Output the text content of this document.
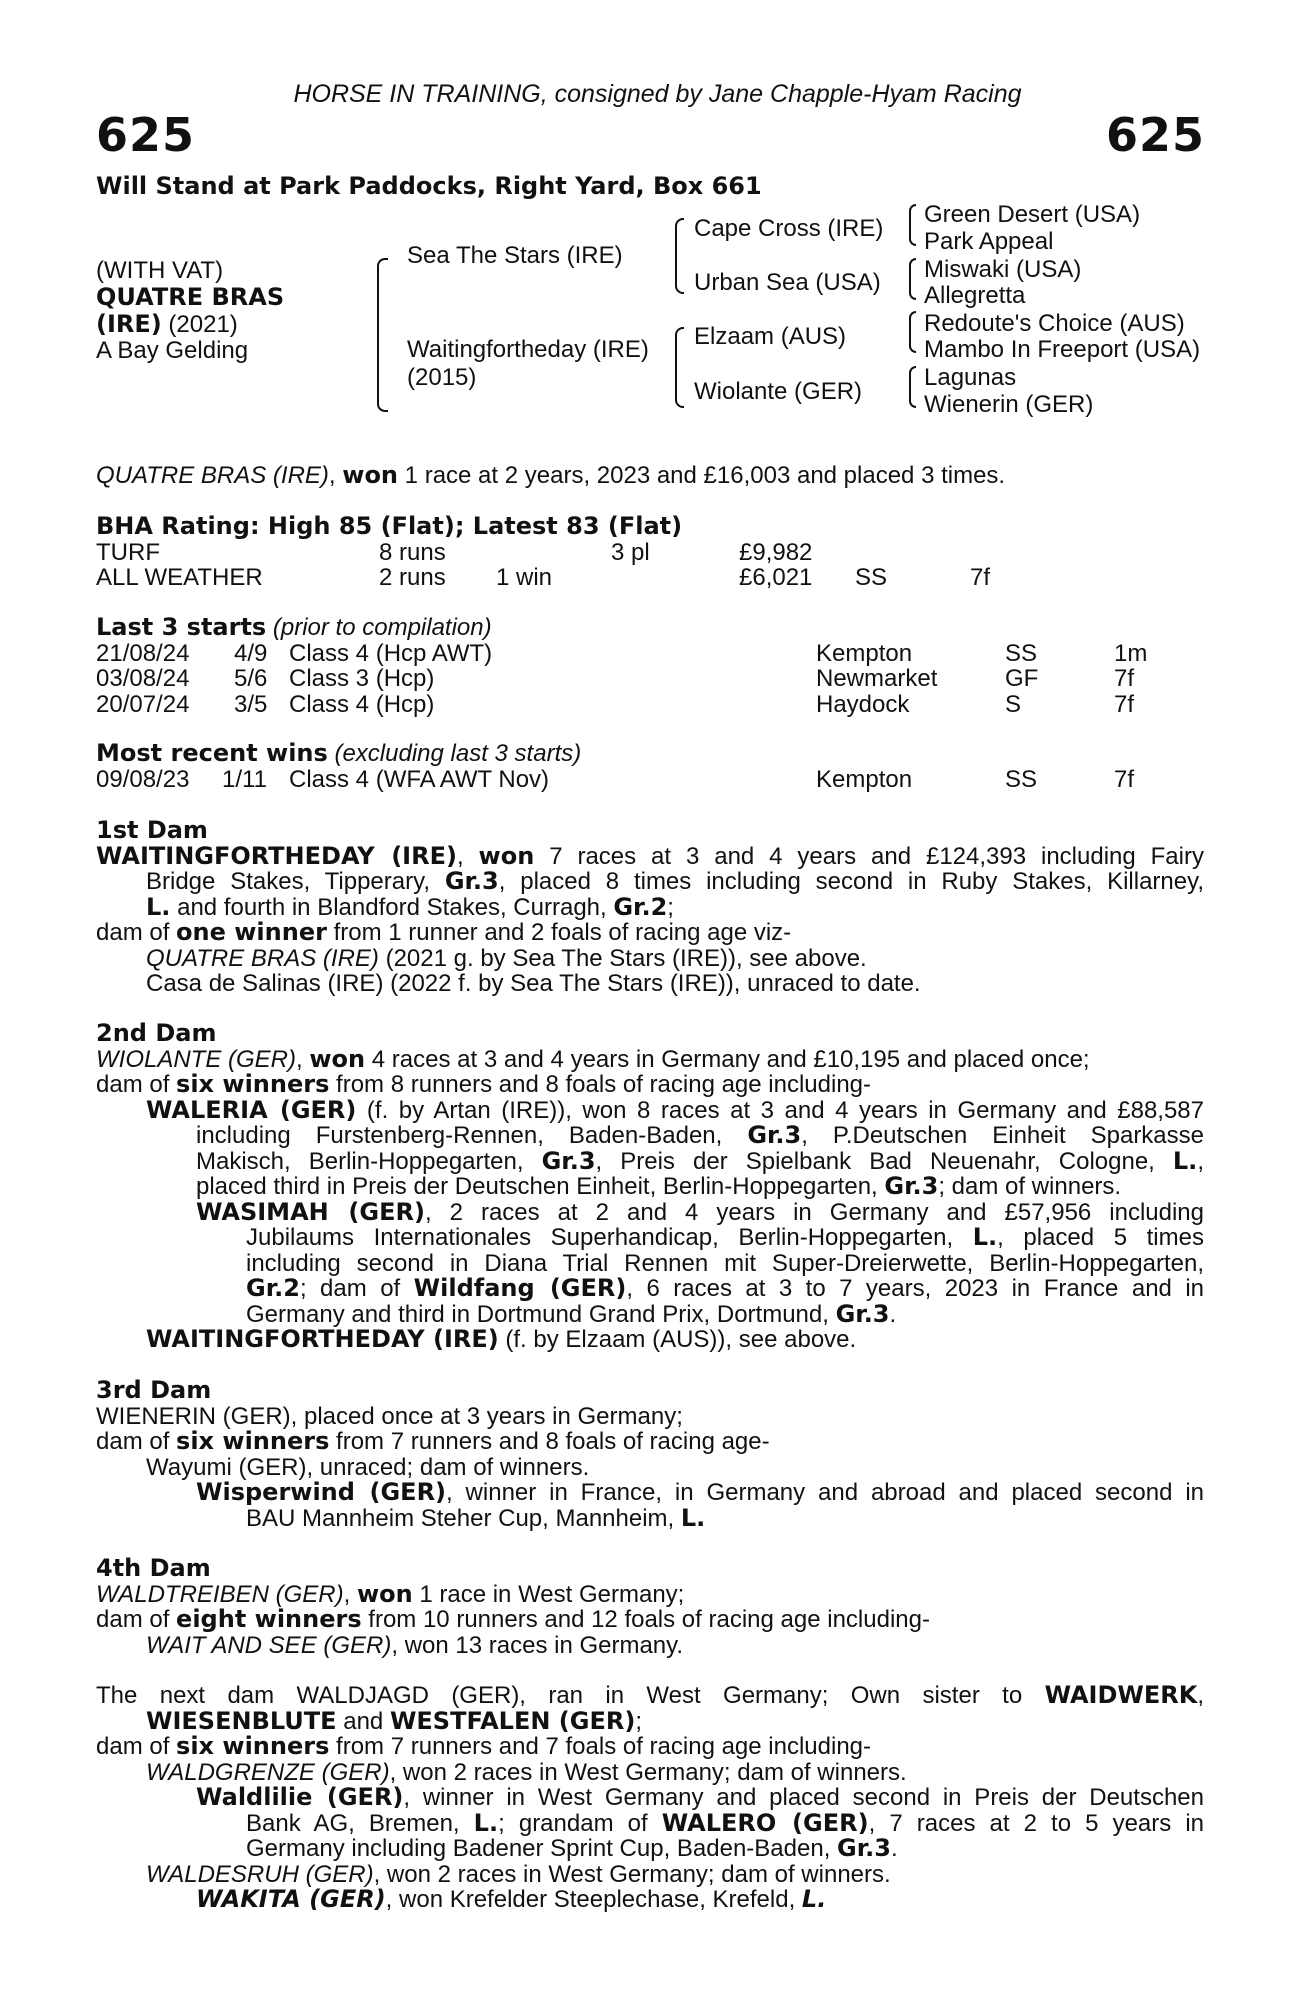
HORSE IN TRAINING, consigned by Jane Chapple-Hyam Racing
625	625
Will Stand at Park Paddocks, Right Yard, Box 661
(WITH VAT)
QUATRE BRAS
(IRE) (2021)
A Bay Gelding
Sea The Stars (IRE)
Waitingfortheday (IRE)
(2015)
Cape Cross (IRE)
Urban Sea (USA)
Elzaam (AUS)
Wiolante (GER)
Green Desert (USA)
Park Appeal
Miswaki (USA)
Allegretta
Redoute's Choice (AUS)
Mambo In Freeport (USA)
Lagunas
Wienerin (GER)
QUATRE BRAS (IRE), won 1 race at 2 years, 2023 and £16,003 and placed 3 times.
BHA Rating: High 85 (Flat); Latest 83 (Flat)
TURF	8 runs	3 pl	£9,982
ALL WEATHER	2 runs 1 win	£6,021 SS	7f
Last 3 starts (prior to compilation)
21/08/24 4/9 Class 4 (Hcp AWT)	Kempton	SS	1m
03/08/24 5/6 Class 3 (Hcp)	Newmarket	GF	7f
20/07/24 3/5 Class 4 (Hcp)	Haydock	S	7f
Most recent wins (excluding last 3 starts)
09/08/23 1/11 Class 4 (WFA AWT Nov)	Kempton	SS	7f
1st Dam
WAITINGFORTHEDAY (IRE), won 7 races at 3 and 4 years and £124,393 including Fairy
Bridge Stakes, Tipperary, Gr.3, placed 8 times including second in Ruby Stakes, Killarney,
L. and fourth in Blandford Stakes, Curragh, Gr.2;
dam of one winner from 1 runner and 2 foals of racing age viz-
QUATRE BRAS (IRE) (2021 g. by Sea The Stars (IRE)), see above.
Casa de Salinas (IRE) (2022 f. by Sea The Stars (IRE)), unraced to date.
2nd Dam
WIOLANTE (GER), won 4 races at 3 and 4 years in Germany and £10,195 and placed once;
dam of six winners from 8 runners and 8 foals of racing age including-
WALERIA (GER) (f. by Artan (IRE)), won 8 races at 3 and 4 years in Germany and £88,587
including Furstenberg-Rennen, Baden-Baden, Gr.3, P.Deutschen Einheit Sparkasse
Makisch, Berlin-Hoppegarten, Gr.3, Preis der Spielbank Bad Neuenahr, Cologne, L.,
placed third in Preis der Deutschen Einheit, Berlin-Hoppegarten, Gr.3; dam of winners.
WASIMAH (GER), 2 races at 2 and 4 years in Germany and £57,956 including
Jubilaums Internationales Superhandicap, Berlin-Hoppegarten, L., placed 5 times
including second in Diana Trial Rennen mit Super-Dreierwette, Berlin-Hoppegarten,
Gr.2; dam of Wildfang (GER), 6 races at 3 to 7 years, 2023 in France and in
Germany and third in Dortmund Grand Prix, Dortmund, Gr.3.
WAITINGFORTHEDAY (IRE) (f. by Elzaam (AUS)), see above.
3rd Dam
WIENERIN (GER), placed once at 3 years in Germany;
dam of six winners from 7 runners and 8 foals of racing age-
Wayumi (GER), unraced; dam of winners.
Wisperwind (GER), winner in France, in Germany and abroad and placed second in
BAU Mannheim Steher Cup, Mannheim, L.
4th Dam
WALDTREIBEN (GER), won 1 race in West Germany;
dam of eight winners from 10 runners and 12 foals of racing age including-
WAIT AND SEE (GER), won 13 races in Germany.
The next dam WALDJAGD (GER), ran in West Germany; Own sister to WAIDWERK,
WIESENBLUTE and WESTFALEN (GER);
dam of six winners from 7 runners and 7 foals of racing age including-
WALDGRENZE (GER), won 2 races in West Germany; dam of winners.
Waldlilie (GER), winner in West Germany and placed second in Preis der Deutschen
Bank AG, Bremen, L.; grandam of WALERO (GER), 7 races at 2 to 5 years in
Germany including Badener Sprint Cup, Baden-Baden, Gr.3.
WALDESRUH (GER), won 2 races in West Germany; dam of winners.
WAKITA (GER), won Krefelder Steeplechase, Krefeld, L.
